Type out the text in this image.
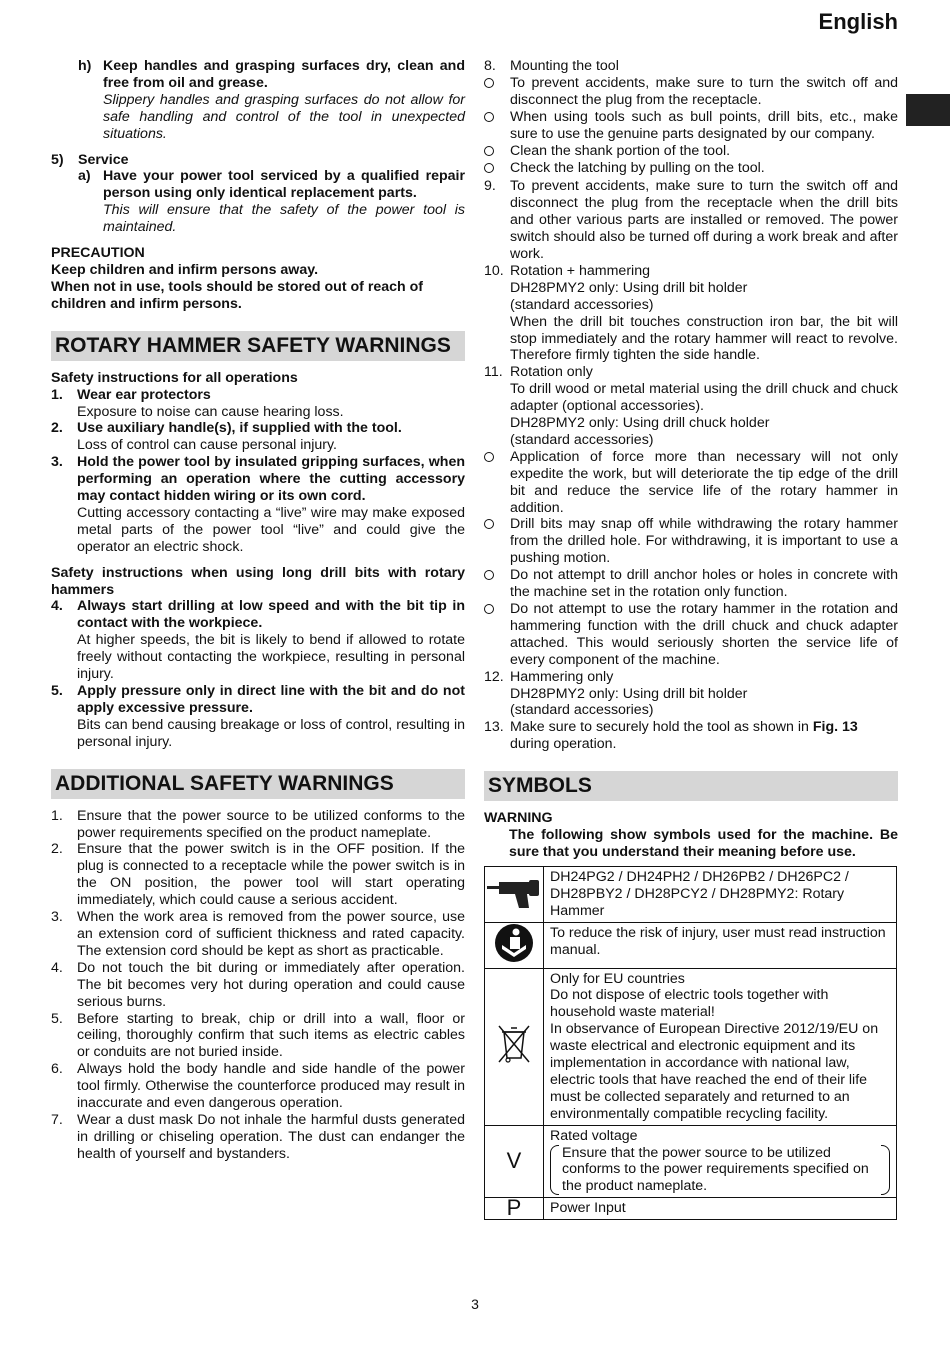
English
h) Keep handles and grasping surfaces dry, clean and free from oil and grease.

Slippery handles and grasping surfaces do not allow for safe handling and control of the tool in unexpected situations.

5)	Service
a) Have your power tool serviced by a qualified repair person using only identical replacement parts.

This will ensure that the safety of the power tool is maintained.

PRECAUTION

Keep children and infirm persons away.

When not in use, tools should be stored out of reach of children and infirm persons.

ROTARY HAMMER SAFETY WARNINGS

Safety instructions for all operations

1. Wear ear protectors

Exposure to noise can cause hearing loss.

2. Use auxiliary handle(s), if supplied with the tool.

Loss of control can cause personal injury.

3. Hold the power tool by insulated gripping surfaces, when performing an operation where the cutting accessory may contact hidden wiring or its own cord.

Cutting accessory contacting a “live” wire may make exposed metal parts of the power tool “live” and could give the operator an electric shock.

Safety instructions when using long drill bits with rotary hammers

4. Always start drilling at low speed and with the bit tip in contact with the workpiece.

At higher speeds, the bit is likely to bend if allowed to rotate freely without contacting the workpiece, resulting in personal injury.

5. Apply pressure only in direct line with the bit and do not apply excessive pressure.

Bits can bend causing breakage or loss of control, resulting in personal injury.

ADDITIONAL SAFETY WARNINGS

1. Ensure that the power source to be utilized conforms to the power requirements specified on the product nameplate.

2. Ensure that the power switch is in the OFF position. If the plug is connected to a receptacle while the power switch is in the ON position, the power tool will start operating immediately, which could cause a serious accident.

3. When the work area is removed from the power source, use an extension cord of sufficient thickness and rated capacity. The extension cord should be kept as short as practicable.

4. Do not touch the bit during or immediately after operation. The bit becomes very hot during operation and could cause serious burns.

5. Before starting to break, chip or drill into a wall, floor or ceiling, thoroughly confirm that such items as electric cables or conduits are not buried inside.

6. Always hold the body handle and side handle of the power tool firmly. Otherwise the counterforce produced may result in inaccurate and even dangerous operation.

7. Wear a dust mask Do not inhale the harmful dusts generated in drilling or chiseling operation. The dust can endanger the health of yourself and bystanders.

8. Mounting the tool

To prevent accidents, make sure to turn the switch off and disconnect the plug from the receptacle.

When using tools such as bull points, drill bits, etc., make sure to use the genuine parts designated by our company.

Clean the shank portion of the tool.

Check the latching by pulling on the tool.

9. To prevent accidents, make sure to turn the switch off and disconnect the plug from the receptacle when the drill bits and other various parts are installed or removed. The power switch should also be turned off during a work break and after work.

10. Rotation + hammering

DH28PMY2 only: Using drill bit holder

(standard accessories)

When the drill bit touches construction iron bar, the bit will stop immediately and the rotary hammer will react to revolve. Therefore firmly tighten the side handle.

11. Rotation only

To drill wood or metal material using the drill chuck and chuck adapter (optional accessories).

DH28PMY2 only: Using drill chuck holder

(standard accessories)

Application of force more than necessary will not only expedite the work, but will deteriorate the tip edge of the drill bit and reduce the service life of the rotary hammer in addition.

Drill bits may snap off while withdrawing the rotary hammer from the drilled hole. For withdrawing, it is important to use a pushing motion.

Do not attempt to drill anchor holes or holes in concrete with the machine set in the rotation only function.

Do not attempt to use the rotary hammer in the rotation and hammering function with the drill chuck and chuck adapter attached. This would seriously shorten the service life of every component of the machine.

12. Hammering only

DH28PMY2 only: Using drill bit holder

(standard accessories)

13. Make sure to securely hold the tool as shown in Fig. 13 during operation.

SYMBOLS

WARNING

The following show symbols used for the machine. Be sure that you understand their meaning before use.

	DH24PG2 / DH24PH2 / DH26PB2 / DH26PC2 / DH28PBY2 / DH28PCY2 / DH28PMY2: Rotary Hammer
	To reduce the risk of injury, user must read instruction manual.

Only for EU countries

Do not dispose of electric tools together with household waste material!

In observance of European Directive 2012/19/EU on waste electrical and electronic equipment and its implementation in accordance with national law, electric tools that have reached the end of their life must be collected separately and returned to an environmentally compatible recycling facility.

V	Rated voltage

Ensure that the power source to be utilized conforms to the power requirements specified on the product nameplate.

P	Power Input
3
